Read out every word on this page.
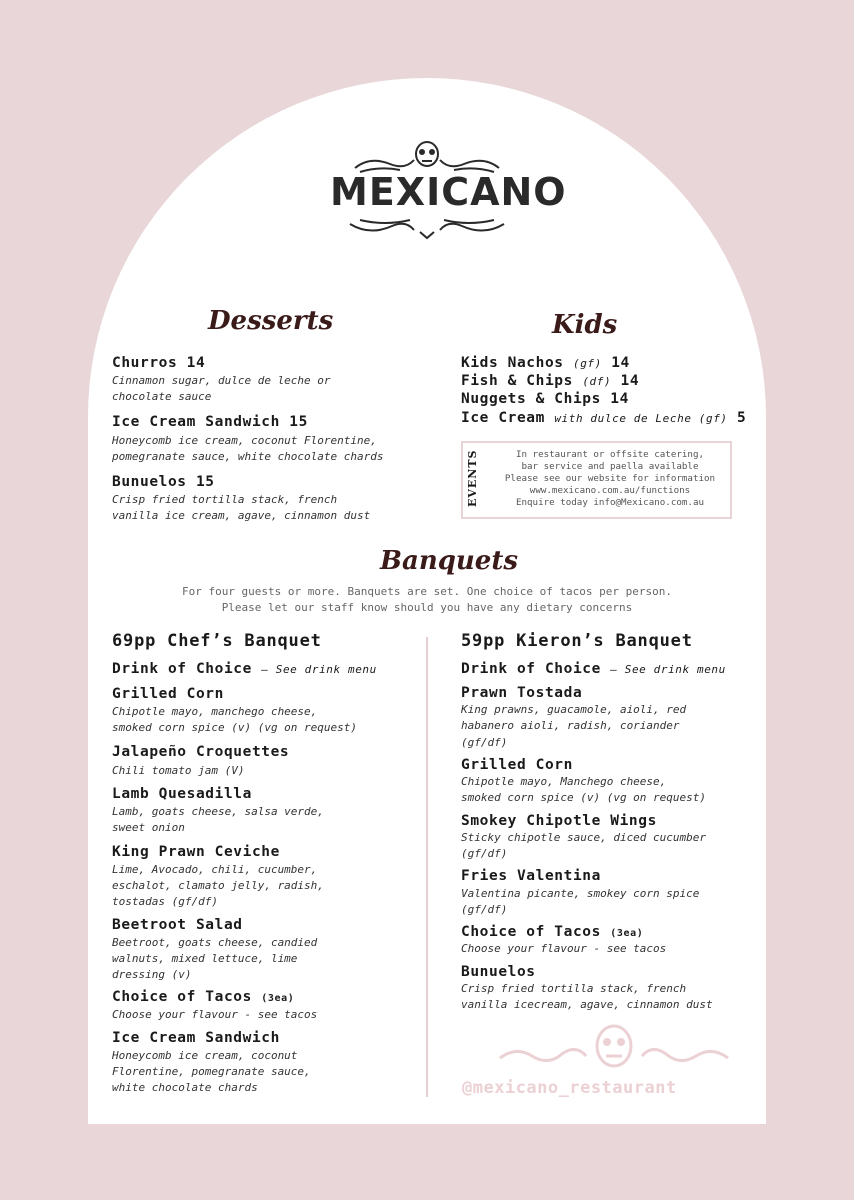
MEXICANO
Desserts
Churros 14
Cinnamon sugar, dulce de leche or
chocolate sauce
Ice Cream Sandwich 15
Honeycomb ice cream, coconut Florentine,
pomegranate sauce, white chocolate chards
Bunuelos 15
Crisp fried tortilla stack, french
vanilla ice cream, agave, cinnamon dust
Kids
Kids Nachos (gf) 14
Fish & Chips (df) 14
Nuggets & Chips 14
Ice Cream with dulce de Leche (gf) 5
EVENTS	In restaurant or offsite catering,
bar service and paella available
Please see our website for information
www.mexicano.com.au/functions
Enquire today info@Mexicano.com.au
Banquets
For four guests or more. Banquets are set. One choice of tacos per person.
Please let our staff know should you have any dietary concerns
69pp Chef’s Banquet
Drink of Choice – See drink menu
Grilled Corn
Chipotle mayo, manchego cheese,
smoked corn spice (v) (vg on request)
Jalapeño Croquettes
Chili tomato jam (V)
Lamb Quesadilla
Lamb, goats cheese, salsa verde,
sweet onion
King Prawn Ceviche
Lime, Avocado, chili, cucumber,
eschalot, clamato jelly, radish,
tostadas (gf/df)
Beetroot Salad
Beetroot, goats cheese, candied
walnuts, mixed lettuce, lime
dressing (v)
Choice of Tacos (3ea)
Choose your flavour - see tacos
Ice Cream Sandwich
Honeycomb ice cream, coconut
Florentine, pomegranate sauce,
white chocolate chards
59pp Kieron’s Banquet
Drink of Choice – See drink menu
Prawn Tostada
King prawns, guacamole, aioli, red
habanero aioli, radish, coriander
(gf/df)
Grilled Corn
Chipotle mayo, Manchego cheese,
smoked corn spice (v) (vg on request)
Smokey Chipotle Wings
Sticky chipotle sauce, diced cucumber
(gf/df)
Fries Valentina
Valentina picante, smokey corn spice
(gf/df)
Choice of Tacos (3ea)
Choose your flavour - see tacos
Bunuelos
Crisp fried tortilla stack, french
vanilla icecream, agave, cinnamon dust
@mexicano_restaurant
